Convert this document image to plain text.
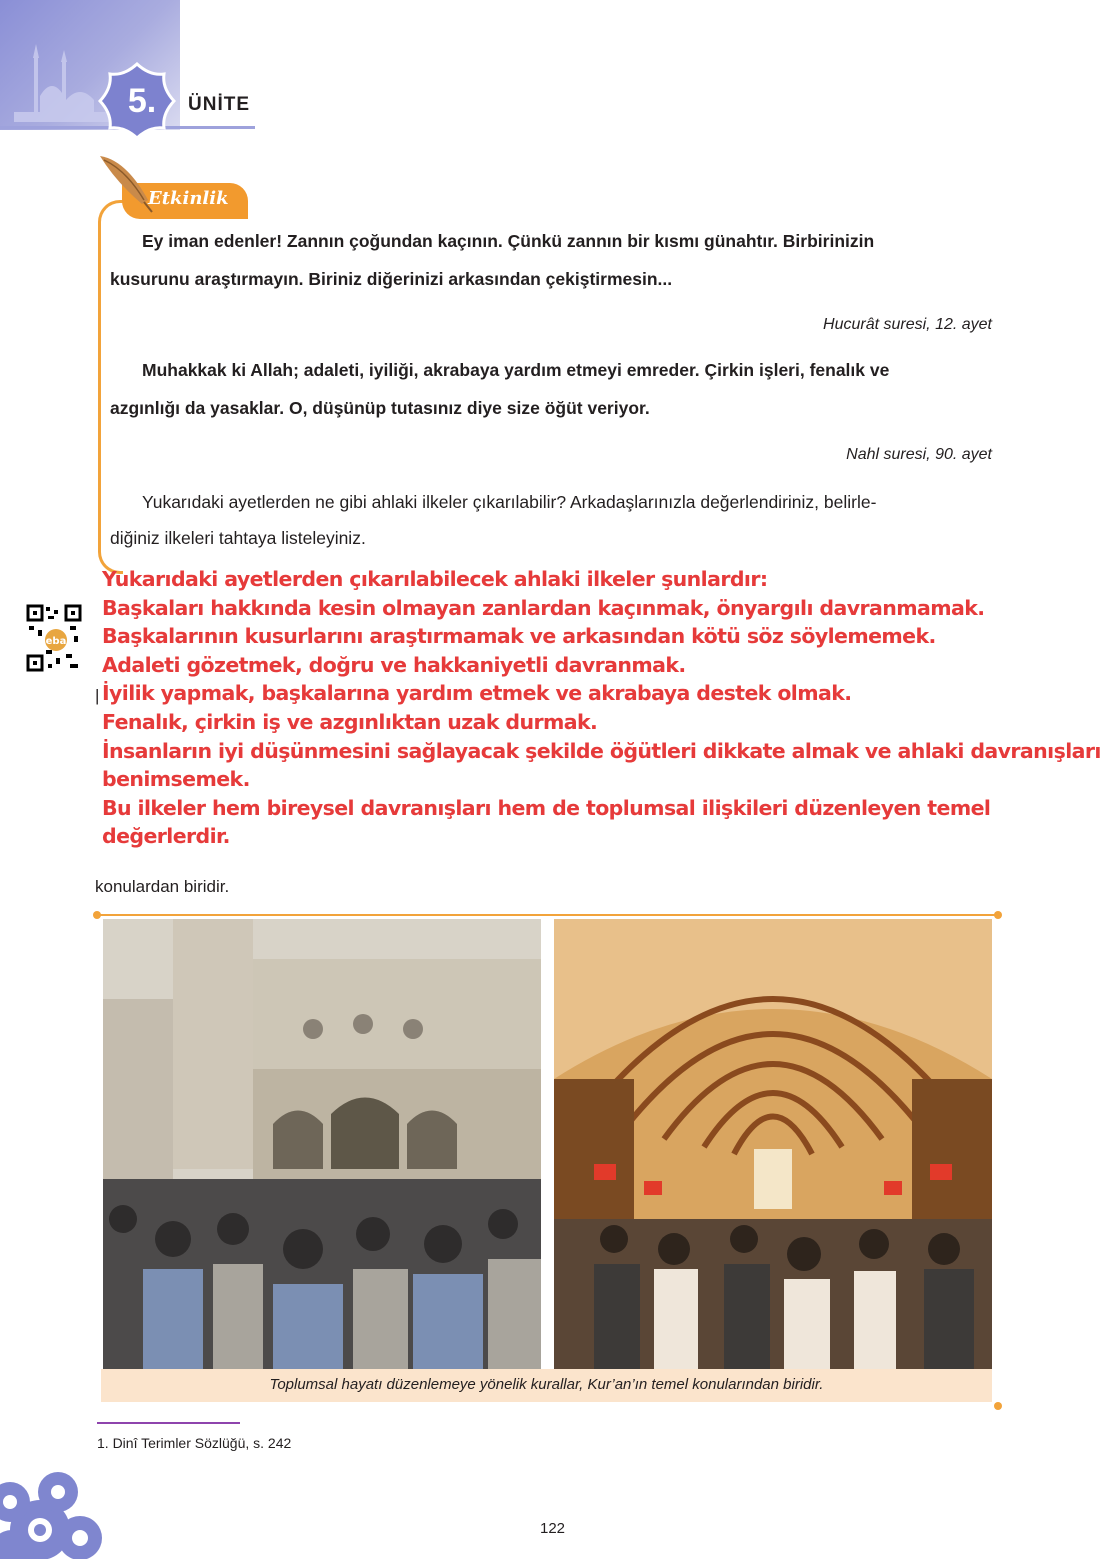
5.	ÜNİTE
Etkinlik
Ey iman edenler! Zannın çoğundan kaçının. Çünkü zannın bir kısmı günahtır. Birbirinizin
kusurunu araştırmayın. Biriniz diğerinizi arkasından çekiştirmesin...
Hucurât suresi, 12. ayet
Muhakkak ki Allah; adaleti, iyiliği, akrabaya yardım etmeyi emreder. Çirkin işleri, fenalık ve
azgınlığı da yasaklar. O, düşünüp tutasınız diye size öğüt veriyor.
Nahl suresi, 90. ayet
Yukarıdaki ayetlerden ne gibi ahlaki ilkeler çıkarılabilir? Arkadaşlarınızla değerlendiriniz, belirle-
diğiniz ilkeleri tahtaya listeleyiniz.
eba
|
konulardan biridir.
Yukarıdaki ayetlerden çıkarılabilecek ahlaki ilkeler şunlardır:
Başkaları hakkında kesin olmayan zanlardan kaçınmak, önyargılı davranmamak.
Başkalarının kusurlarını araştırmamak ve arkasından kötü söz söylememek.
Adaleti gözetmek, doğru ve hakkaniyetli davranmak.
İyilik yapmak, başkalarına yardım etmek ve akrabaya destek olmak.
Fenalık, çirkin iş ve azgınlıktan uzak durmak.
İnsanların iyi düşünmesini sağlayacak şekilde öğütleri dikkate almak ve ahlaki davranışları
benimsemek.
Bu ilkeler hem bireysel davranışları hem de toplumsal ilişkileri düzenleyen temel
değerlerdir.
Toplumsal hayatı düzenlemeye yönelik kurallar, Kur’an’ın temel konularından biridir.
1. Dinî Terimler Sözlüğü, s. 242
122
